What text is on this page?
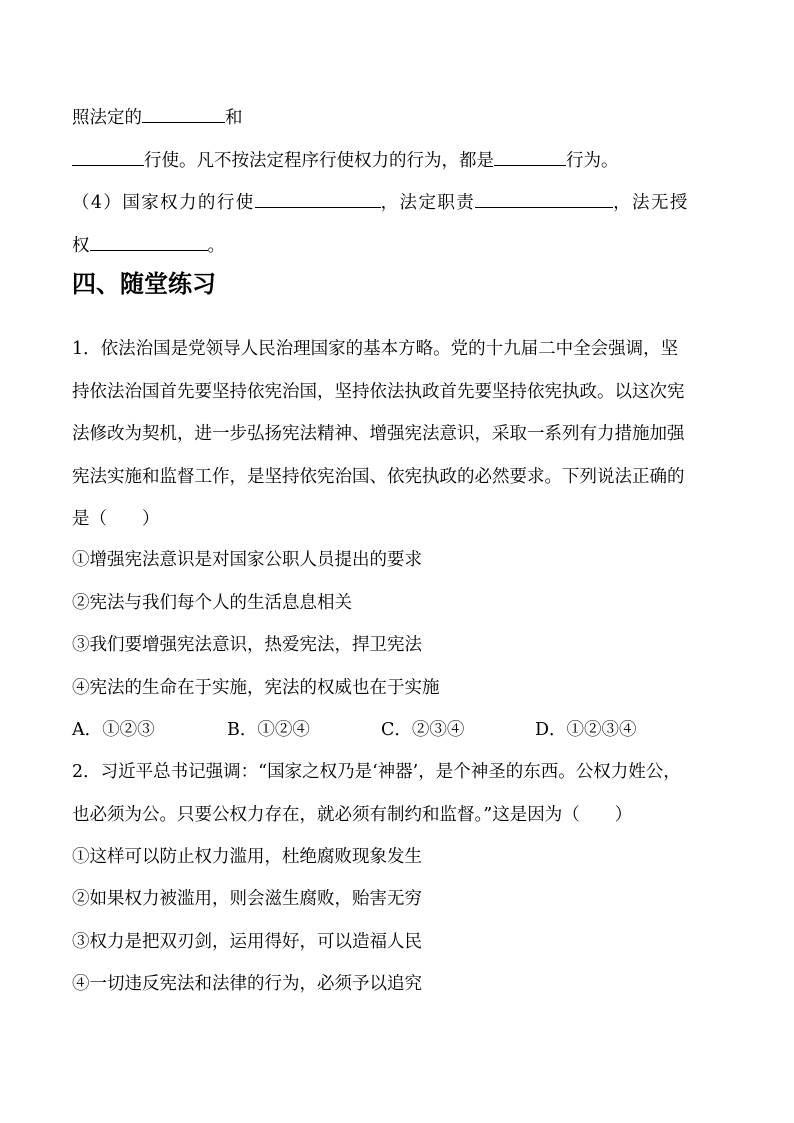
照法定的	和
行使。凡不按法定程序行使权力的行为，都是	行为。
（4）国家权力的行使	，法定职责	，法无授
权	。
四、随堂练习
1．依法治国是党领导人民治理国家的基本方略。党的十九届二中全会强调，坚
持依法治国首先要坚持依宪治国，坚持依法执政首先要坚持依宪执政。以这次宪
法修改为契机，进一步弘扬宪法精神、增强宪法意识，采取一系列有力措施加强
宪法实施和监督工作，是坚持依宪治国、依宪执政的必然要求。下列说法正确的
是（　　）
①增强宪法意识是对国家公职人员提出的要求
②宪法与我们每个人的生活息息相关
③我们要增强宪法意识，热爱宪法，捍卫宪法
④宪法的生命在于实施，宪法的权威也在于实施
A．①②③	B．①②④	C．②③④	D．①②③④
2．习近平总书记强调：“国家之权乃是‘神器’，是个神圣的东西。公权力姓公，
也必须为公。只要公权力存在，就必须有制约和监督。”这是因为（　　）
①这样可以防止权力滥用，杜绝腐败现象发生
②如果权力被滥用，则会滋生腐败，贻害无穷
③权力是把双刃剑，运用得好，可以造福人民
④一切违反宪法和法律的行为，必须予以追究
